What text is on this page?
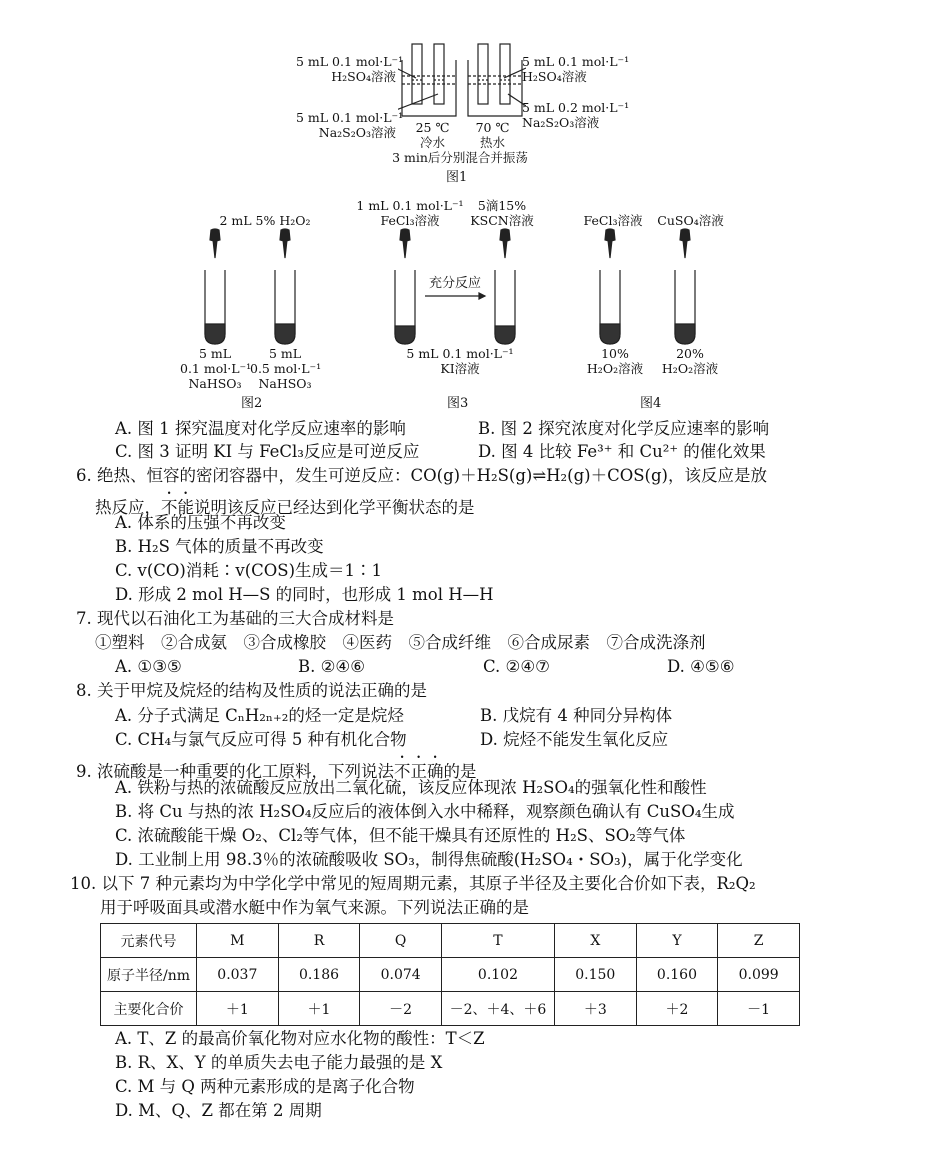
5 mL 0.1 mol·L⁻¹
H₂SO₄溶液
5 mL 0.1 mol·L⁻¹
Na₂S₂O₃溶液
5 mL 0.1 mol·L⁻¹
H₂SO₄溶液
5 mL 0.2 mol·L⁻¹
Na₂S₂O₃溶液
25 ℃
冷水
70 ℃
热水
3 min后分别混合并振荡
图1
2 mL 5% H₂O₂
5 mL
0.1 mol·L⁻¹
NaHSO₃
5 mL
0.5 mol·L⁻¹
NaHSO₃
图2
1 mL 0.1 mol·L⁻¹
FeCl₃溶液
5滴15%
KSCN溶液
充分反应
5 mL 0.1 mol·L⁻¹
KI溶液
图3
FeCl₃溶液	CuSO₄溶液
10%
H₂O₂溶液
20%
H₂O₂溶液
图4
A. 图 1 探究温度对化学反应速率的影响	B. 图 2 探究浓度对化学反应速率的影响
C. 图 3 证明 KI 与 FeCl₃反应是可逆反应	D. 图 4 比较 Fe³⁺ 和 Cu²⁺ 的催化效果
6. 绝热、恒容的密闭容器中，发生可逆反应：CO(g)＋H₂S(g)⇌H₂(g)＋COS(g)，该反应是放
热反应，不能说明该反应已经达到化学平衡状态的是
A. 体系的压强不再改变
B. H₂S 气体的质量不再改变
C. v(CO)消耗∶v(COS)生成＝1∶1
D. 形成 2 mol H—S 的同时，也形成 1 mol H—H
7. 现代以石油化工为基础的三大合成材料是
①塑料　②合成氨　③合成橡胶　④医药　⑤合成纤维　⑥合成尿素　⑦合成洗涤剂
A. ①③⑤	B. ②④⑥	C. ②④⑦	D. ④⑤⑥
8. 关于甲烷及烷烃的结构及性质的说法正确的是
A. 分子式满足 CₙH₂ₙ₊₂的烃一定是烷烃	B. 戊烷有 4 种同分异构体
C. CH₄与氯气反应可得 5 种有机化合物	D. 烷烃不能发生氧化反应
9. 浓硫酸是一种重要的化工原料，下列说法不正确的是
A. 铁粉与热的浓硫酸反应放出二氧化硫，该反应体现浓 H₂SO₄的强氧化性和酸性
B. 将 Cu 与热的浓 H₂SO₄反应后的液体倒入水中稀释，观察颜色确认有 CuSO₄生成
C. 浓硫酸能干燥 O₂、Cl₂等气体，但不能干燥具有还原性的 H₂S、SO₂等气体
D. 工业制上用 98.3％的浓硫酸吸收 SO₃，制得焦硫酸(H₂SO₄・SO₃)，属于化学变化
10. 以下 7 种元素均为中学化学中常见的短周期元素，其原子半径及主要化合价如下表，R₂Q₂
用于呼吸面具或潜水艇中作为氧气来源。下列说法正确的是
元素代号	M	R	Q	T	X	Y	Z
原子半径/nm	0.037	0.186	0.074	0.102	0.150	0.160	0.099
主要化合价	＋1	＋1	－2	－2、＋4、＋6	＋3	＋2	－1
A. T、Z 的最高价氧化物对应水化物的酸性：T＜Z
B. R、X、Y 的单质失去电子能力最强的是 X
C. M 与 Q 两种元素形成的是离子化合物
D. M、Q、Z 都在第 2 周期
